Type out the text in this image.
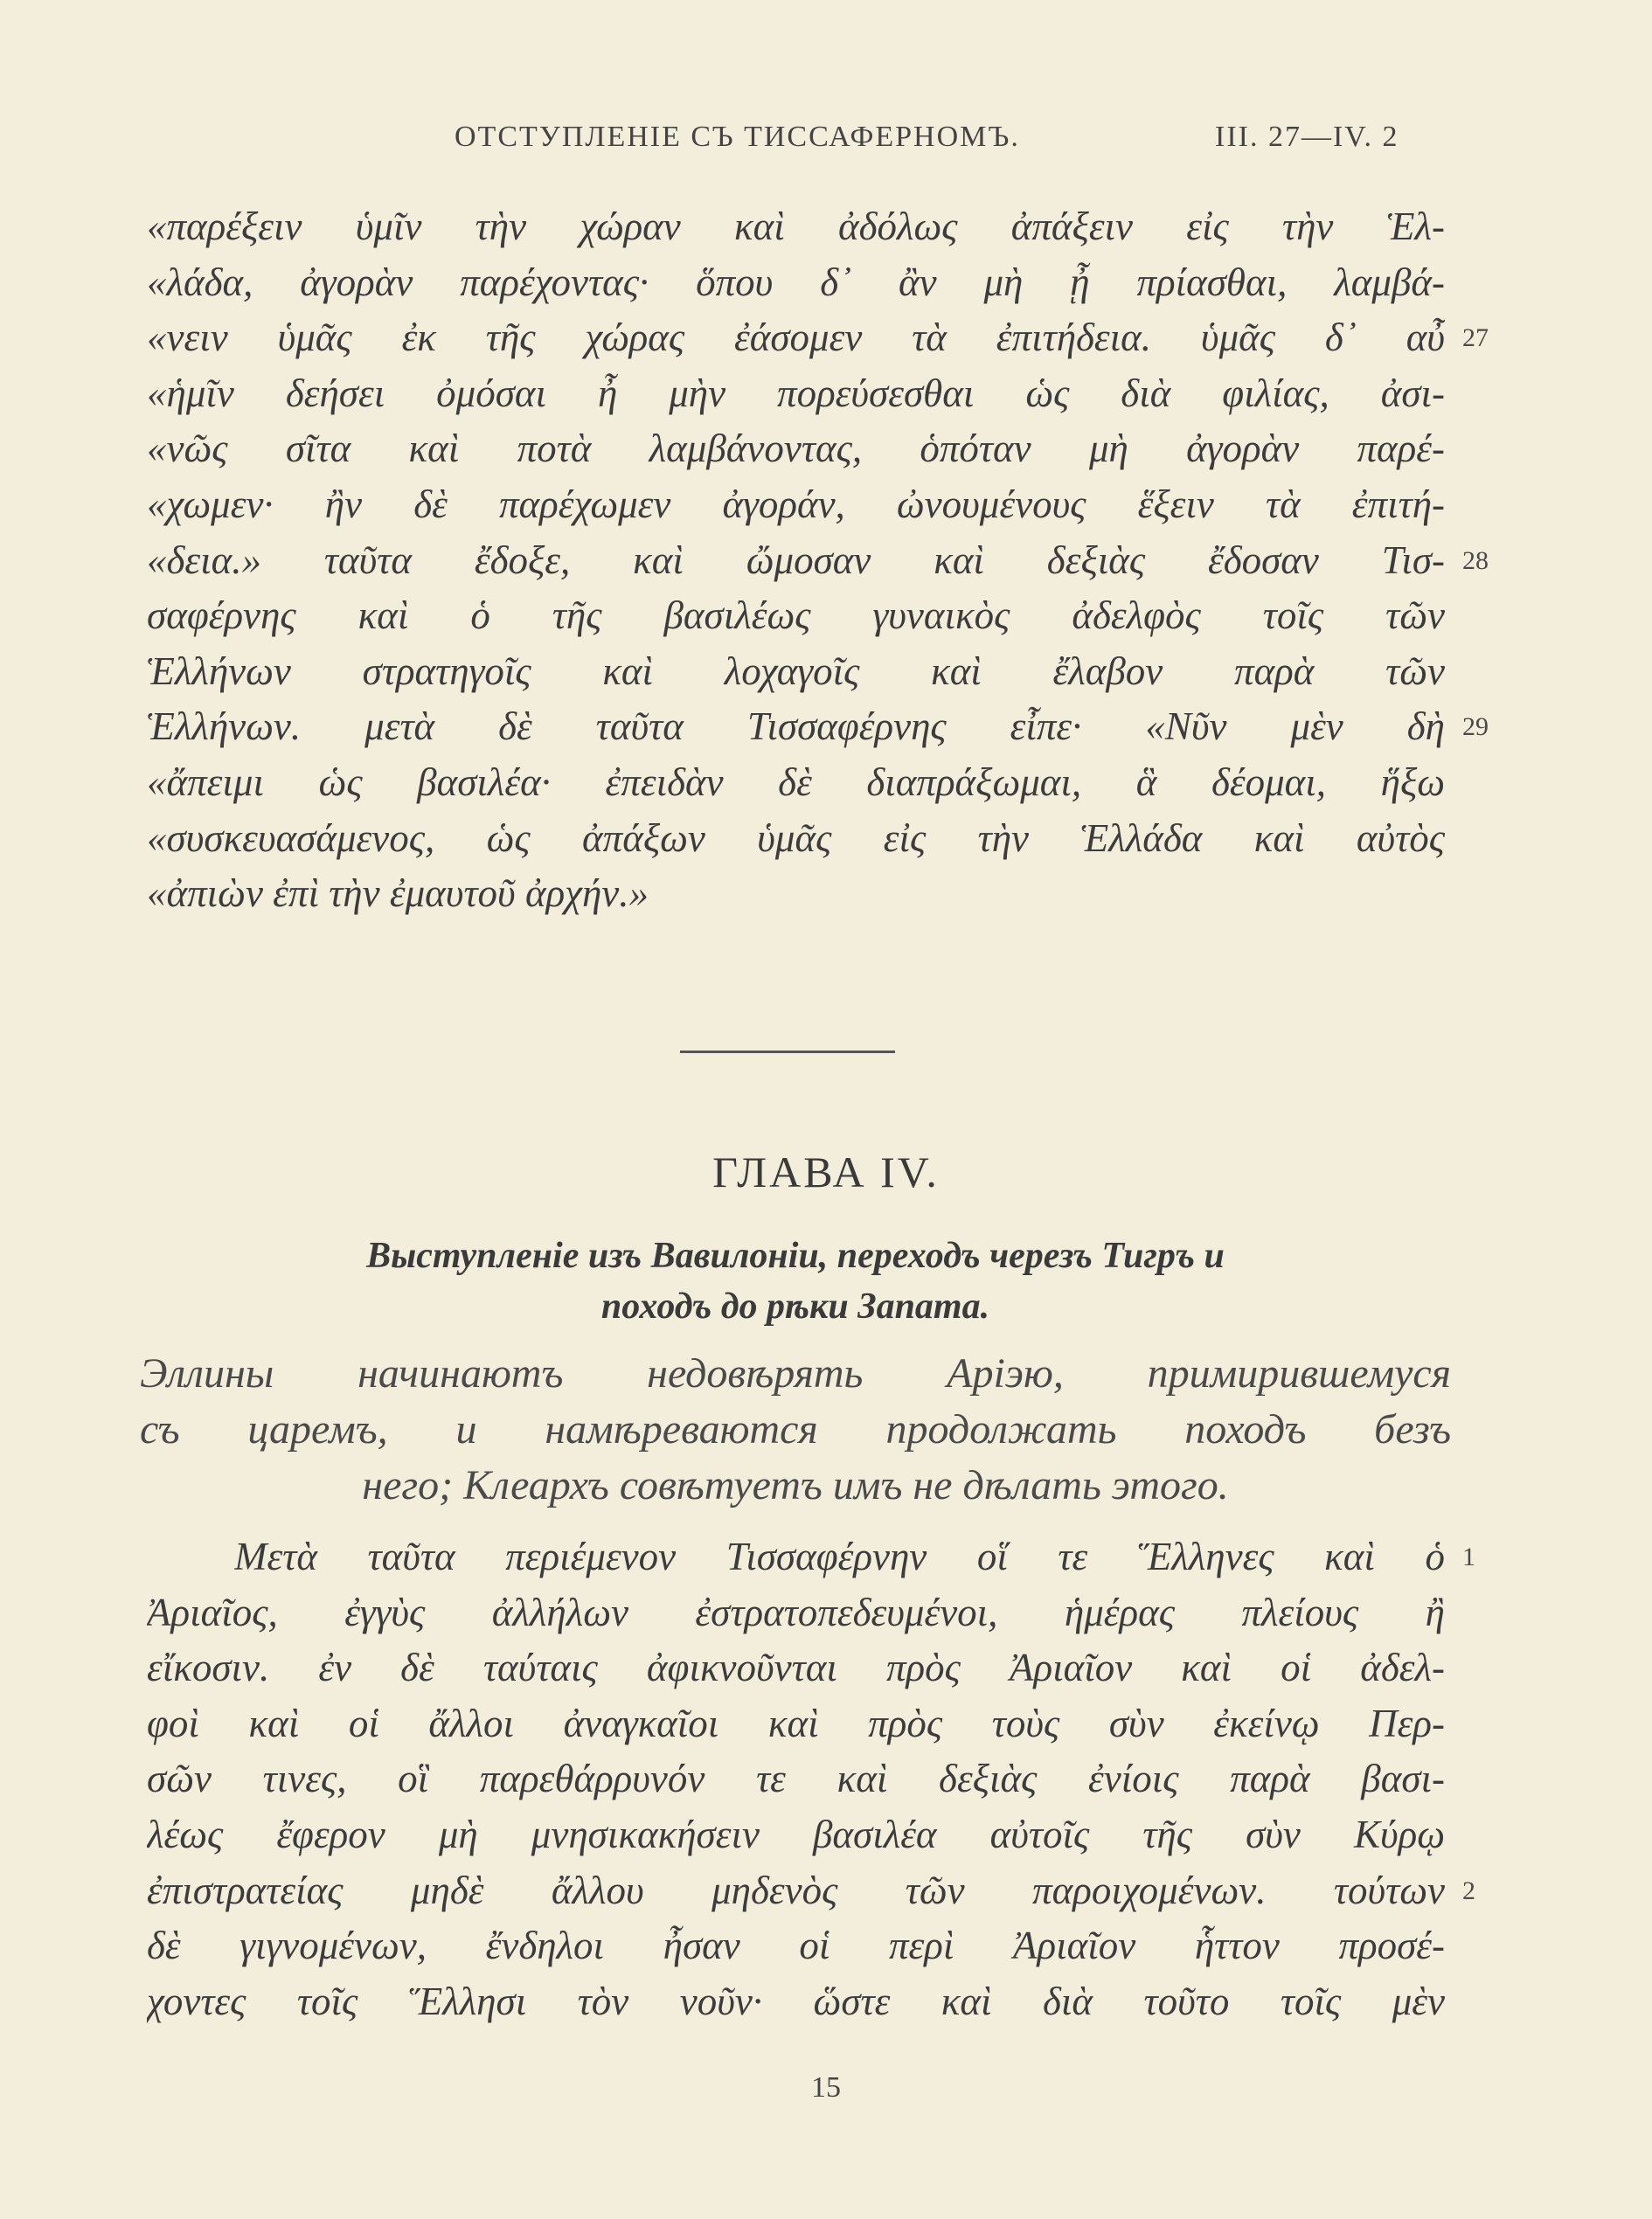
ОТСТУПЛЕНІЕ СЪ ТИССАФЕРНОМЪ.	III. 27—IV. 2
«παρέξειν ὑμῖν τὴν χώραν καὶ ἀδόλως ἀπάξειν εἰς τὴν Ἑλ-
«λάδα, ἀγορὰν παρέχοντας· ὅπου δ᾽ ἂν μὴ ᾖ πρίασθαι, λαμβά-
«νειν ὑμᾶς ἐκ τῆς χώρας ἐάσομεν τὰ ἐπιτήδεια. ὑμᾶς δ᾽ αὖ 27
«ἡμῖν δεήσει ὀμόσαι ἦ μὴν πορεύσεσθαι ὡς διὰ φιλίας, ἀσι-
«νῶς σῖτα καὶ ποτὰ λαμβάνοντας, ὁπόταν μὴ ἀγορὰν παρέ-
«χωμεν· ἢν δὲ παρέχωμεν ἀγοράν, ὠνουμένους ἕξειν τὰ ἐπιτή-
«δεια.» ταῦτα ἔδοξε, καὶ ὤμοσαν καὶ δεξιὰς ἔδοσαν Τισ- 28
σαφέρνης καὶ ὁ τῆς βασιλέως γυναικὸς ἀδελφὸς τοῖς τῶν
Ἑλλήνων στρατηγοῖς καὶ λοχαγοῖς καὶ ἔλαβον παρὰ τῶν
Ἑλλήνων. μετὰ δὲ ταῦτα Τισσαφέρνης εἶπε· «Νῦν μὲν δὴ 29
«ἄπειμι ὡς βασιλέα· ἐπειδὰν δὲ διαπράξωμαι, ἃ δέομαι, ἥξω
«συσκευασάμενος, ὡς ἀπάξων ὑμᾶς εἰς τὴν Ἑλλάδα καὶ αὐτὸς
«ἀπιὼν ἐπὶ τὴν ἐμαυτοῦ ἀρχήν.»
ГЛАВА IV.
Выступленіе изъ Вавилоніи, переходъ черезъ Тигръ и
походъ до рѣки Запата.
Эллины начинаютъ недовѣрять Аріэю, примирившемуся
съ царемъ, и намѣреваются продолжать походъ безъ
него; Клеархъ совѣтуетъ имъ не дѣлать этого.
Μετὰ ταῦτα περιέμενον Τισσαφέρνην οἵ τε Ἕλληνες καὶ ὁ 1
Ἀριαῖος, ἐγγὺς ἀλλήλων ἐστρατοπεδευμένοι, ἡμέρας πλείους ἢ
εἴκοσιν. ἐν δὲ ταύταις ἀφικνοῦνται πρὸς Ἀριαῖον καὶ οἱ ἀδελ-
φοὶ καὶ οἱ ἄλλοι ἀναγκαῖοι καὶ πρὸς τοὺς σὺν ἐκείνῳ Περ-
σῶν τινες, οἳ παρεθάρρυνόν τε καὶ δεξιὰς ἐνίοις παρὰ βασι-
λέως ἔφερον μὴ μνησικακήσειν βασιλέα αὐτοῖς τῆς σὺν Κύρῳ
ἐπιστρατείας μηδὲ ἄλλου μηδενὸς τῶν παροιχομένων. τούτων 2
δὲ γιγνομένων, ἔνδηλοι ἦσαν οἱ περὶ Ἀριαῖον ἧττον προσέ-
χοντες τοῖς Ἕλλησι τὸν νοῦν· ὥστε καὶ διὰ τοῦτο τοῖς μὲν
15
